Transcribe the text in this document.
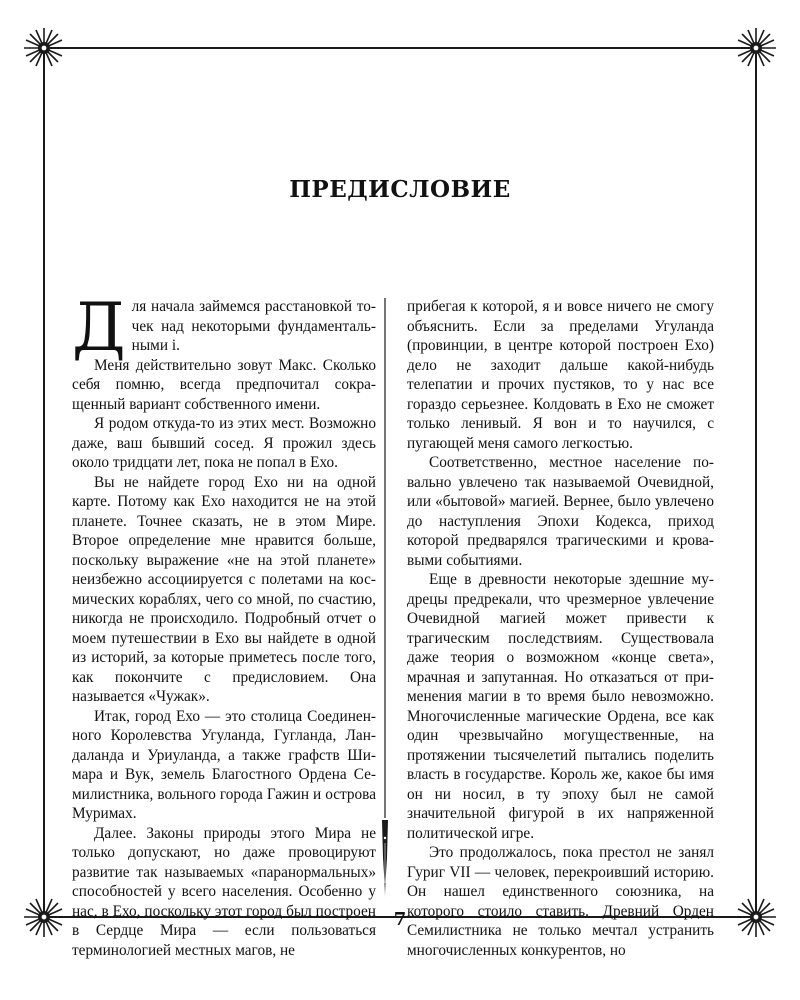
ПРЕДИСЛОВИЕ

Для начала займемся расстановкой точек над некоторыми фундаментальными i.

Меня действительно зовут Макс. Сколько себя помню, всегда предпочитал сокращенный вариант собственного имени.

Я родом откуда-то из этих мест. Возможно даже, ваш бывший сосед. Я прожил здесь около тридцати лет, пока не попал в Ехо.

Вы не найдете город Ехо ни на одной карте. Потому как Ехо находится не на этой планете. Точнее сказать, не в этом Мире. Второе определение мне нравится больше, поскольку выражение «не на этой планете» неизбежно ассоциируется с полетами на космических кораблях, чего со мной, по счастию, никогда не происходило. Подробный отчет о моем путешествии в Ехо вы найдете в одной из историй, за которые приметесь после того, как покончите с предисловием. Она называется «Чужак».

Итак, город Ехо — это столица Соединенного Королевства Угуланда, Гугланда, Ландаланда и Уриуланда, а также графств Шимара и Вук, земель Благостного Ордена Семилистника, вольного города Гажин и острова Муримах.

Далее. Законы природы этого Мира не только допускают, но даже провоцируют развитие так называемых «паранормальных» способностей у всего населения. Особенно у нас, в Ехо, поскольку этот город был построен в Сердце Мира — если пользоваться терминологией местных магов, не

прибегая к которой, я и вовсе ничего не смогу объяснить. Если за пределами Угуланда (провинции, в центре которой построен Ехо) дело не заходит дальше какой-нибудь телепатии и прочих пустяков, то у нас все гораздо серьезнее. Колдовать в Ехо не сможет только ленивый. Я вон и то научился, с пугающей меня самого легкостью.

Соответственно, местное население повально увлечено так называемой Очевидной, или «бытовой» магией. Вернее, было увлечено до наступления Эпохи Кодекса, приход которой предварялся трагическими и кровавыми событиями.

Еще в древности некоторые здешние мудрецы предрекали, что чрезмерное увлечение Очевидной магией может привести к трагическим последствиям. Существовала даже теория о возможном «конце света», мрачная и запутанная. Но отказаться от применения магии в то время было невозможно. Многочисленные магические Ордена, все как один чрезвычайно могущественные, на протяжении тысячелетий пытались поделить власть в государстве. Король же, какое бы имя он ни носил, в ту эпоху был не самой значительной фигурой в их напряженной политической игре.

Это продолжалось, пока престол не занял Гуриг VII — человек, перекроивший историю. Он нашел единственного союзника, на которого стоило ставить. Древний Орден Семилистника не только мечтал устранить многочисленных конкурентов, но

7
